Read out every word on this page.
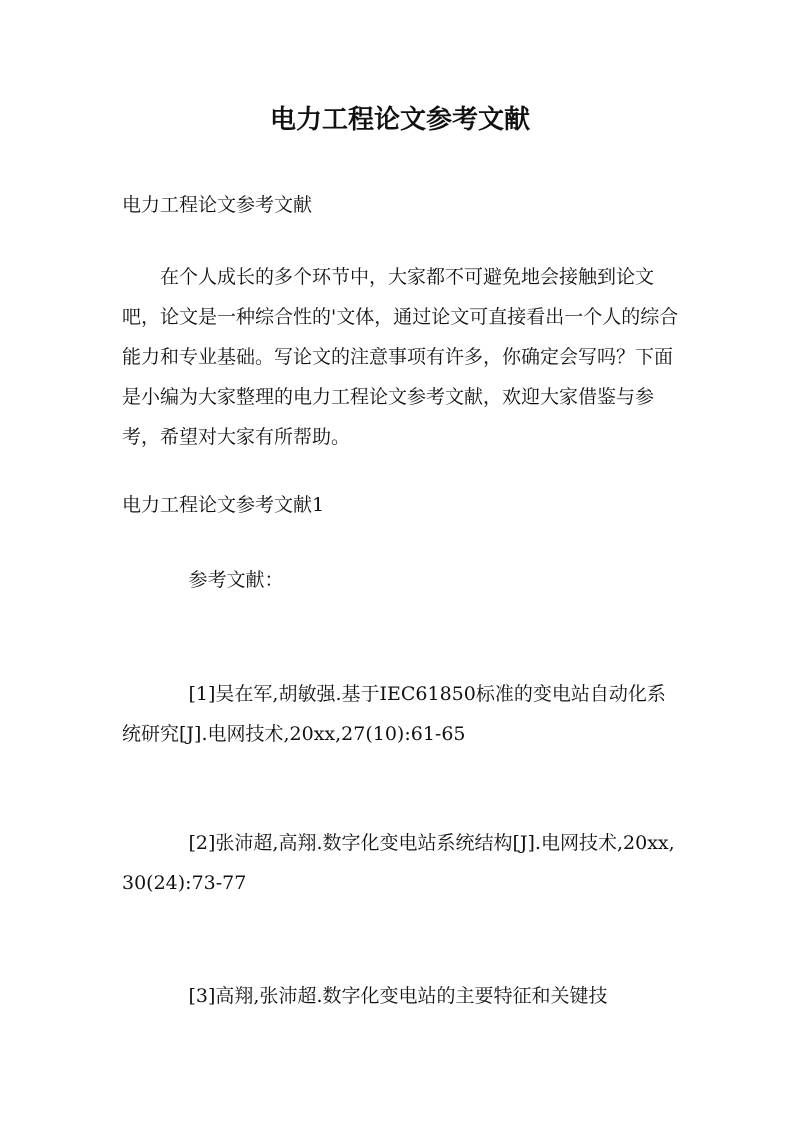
电力工程论文参考文献

电力工程论文参考文献

在个人成长的多个环节中，大家都不可避免地会接触到论文吧，论文是一种综合性的'文体，通过论文可直接看出一个人的综合能力和专业基础。写论文的注意事项有许多，你确定会写吗？下面是小编为大家整理的电力工程论文参考文献，欢迎大家借鉴与参考，希望对大家有所帮助。

电力工程论文参考文献1

参考文献：

[1]吴在军,胡敏强.基于IEC61850标准的变电站自动化系统研究[J].电网技术,20xx,27(10):61-65

[2]张沛超,高翔.数字化变电站系统结构[J].电网技术,20xx,30(24):73-77

[3]高翔,张沛超.数字化变电站的主要特征和关键技
